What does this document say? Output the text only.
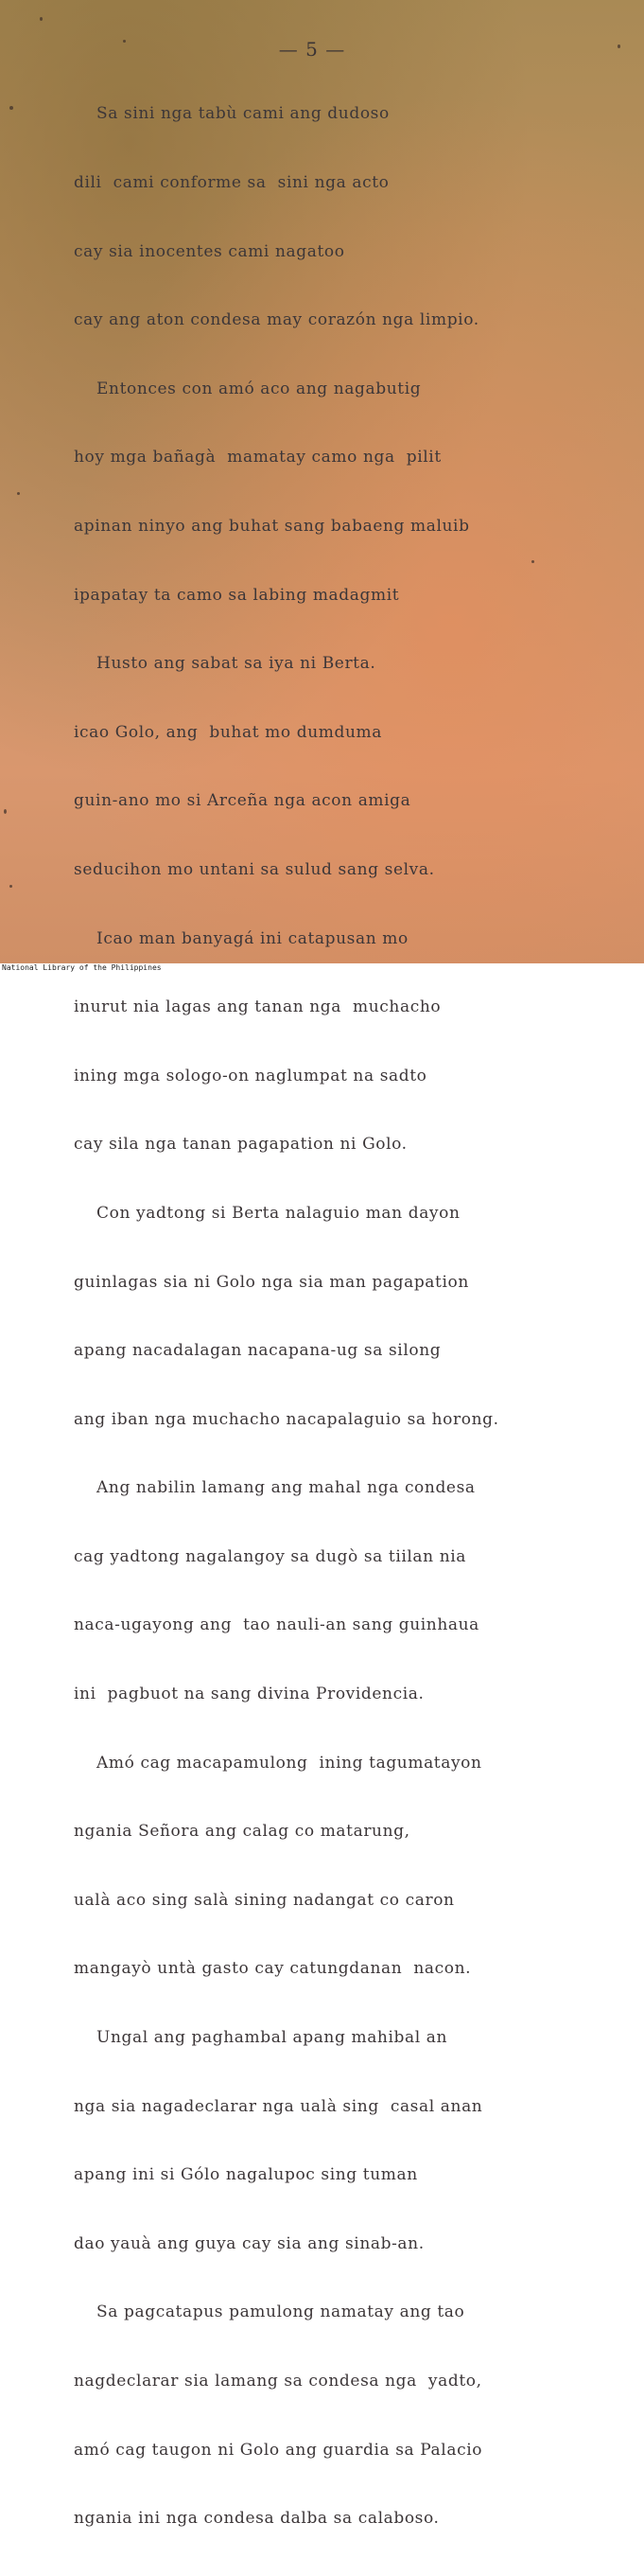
— 5 —

Sa sini nga tabù cami ang dudoso

dili  cami conforme sa  sini nga acto

cay sia inocentes cami nagatoo

cay ang aton condesa may corazón nga limpio.

Entonces con amó aco ang nagabutig

hoy mga bañagà  mamatay camo nga  pilit

apinan ninyo ang buhat sang babaeng maluib

ipapatay ta camo sa labing madagmit

Husto ang sabat sa iya ni Berta.

icao Golo, ang  buhat mo dumduma

guin-ano mo si Arceña nga acon amiga

seducihon mo untani sa sulud sang selva.

Icao man banyagá ini catapusan mo

inurut nia lagas ang tanan nga  muchacho

ining mga sologo-on naglumpat na sadto

cay sila nga tanan pagapation ni Golo.

Con yadtong si Berta nalaguio man dayon

guinlagas sia ni Golo nga sia man pagapation

apang nacadalagan nacapana-ug sa silong

ang iban nga muchacho nacapalaguio sa horong.

Ang nabilin lamang ang mahal nga condesa

cag yadtong nagalangoy sa dugò sa tiilan nia

naca-ugayong ang  tao nauli-an sang guinhaua

ini  pagbuot na sang divina Providencia.

Amó cag macapamulong  ining tagumatayon

ngania Señora ang calag co matarung,

ualà aco sing salà sining nadangat co caron

mangayò untà gasto cay catungdanan  nacon.

Ungal ang paghambal apang mahibal an

nga sia nagadeclarar nga ualà sing  casal anan

apang ini si Gólo nagalupoc sing tuman

dao yauà ang guya cay sia ang sinab-an.

Sa pagcatapus pamulong namatay ang tao

nagdeclarar sia lamang sa condesa nga  yadto,

amó cag taugon ni Golo ang guardia sa Palacio

ngania ini nga condesa dalba sa calaboso.

National Library of the Philippines
